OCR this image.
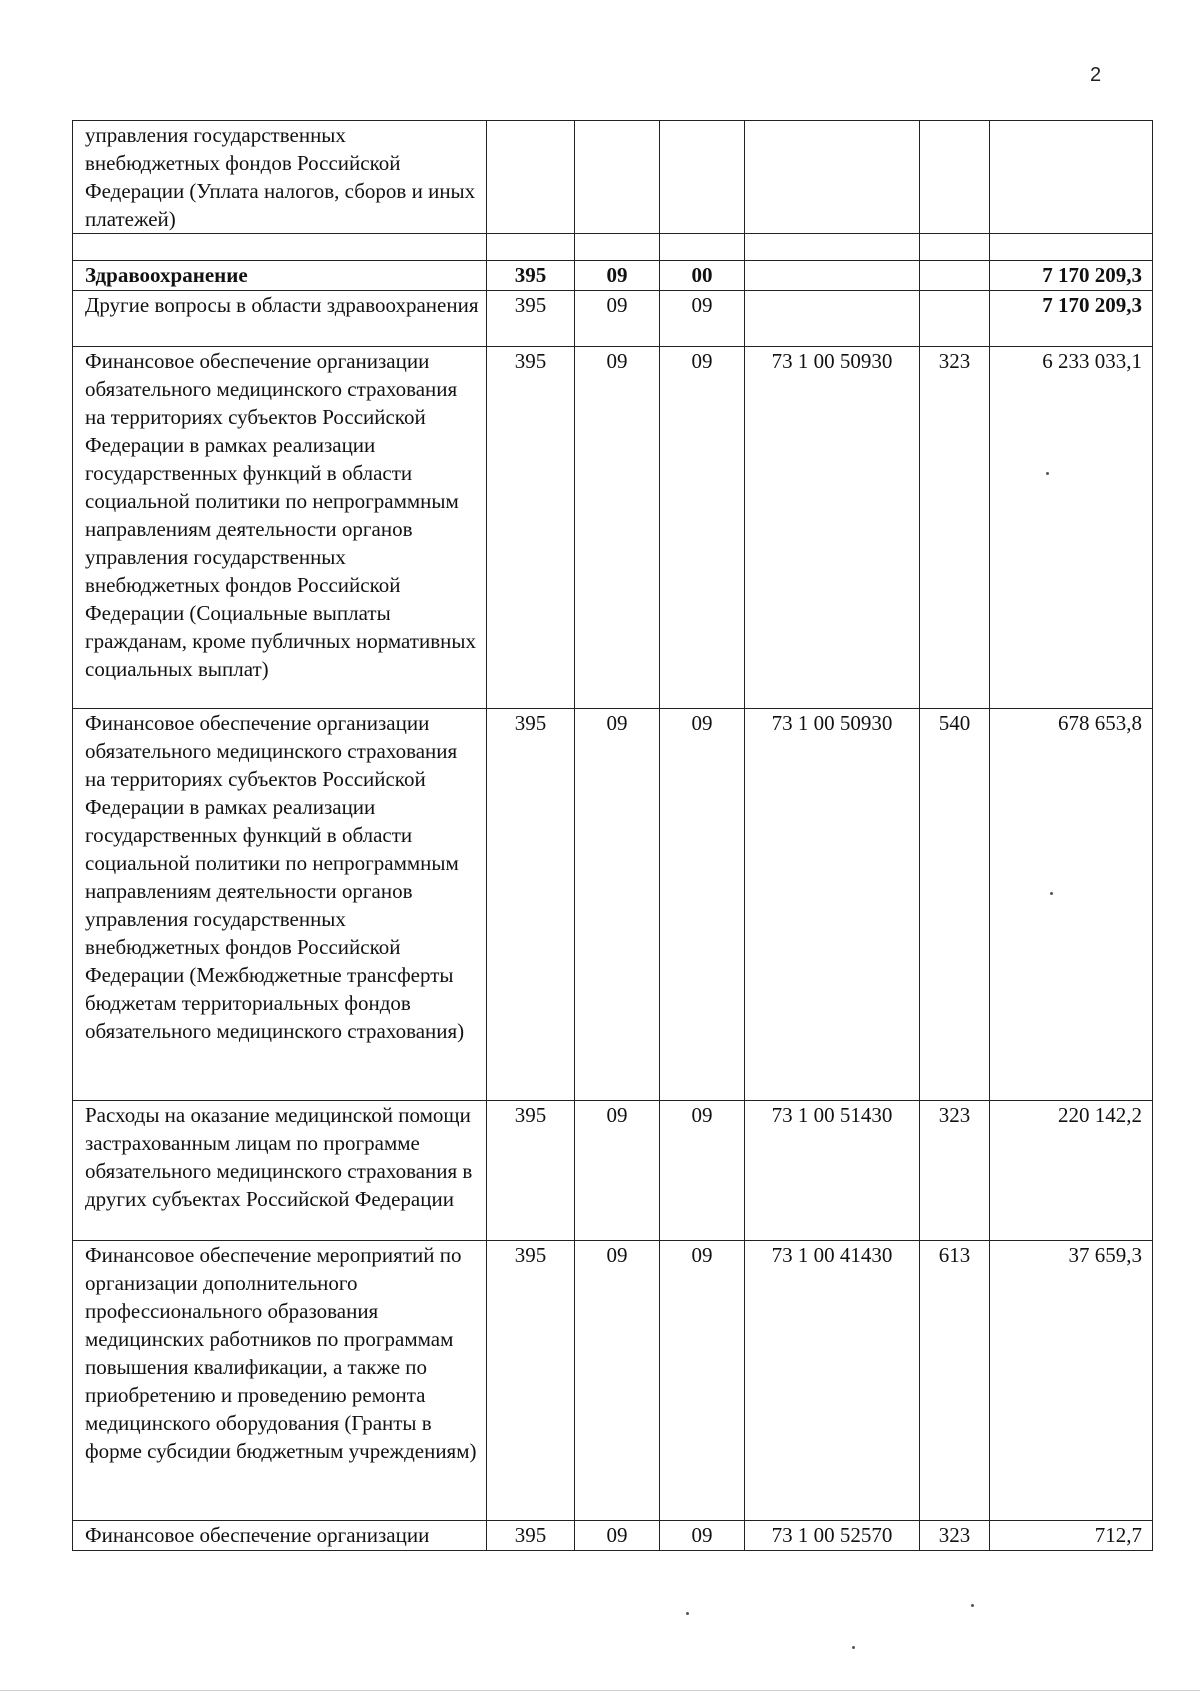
2
управления государственных внебюджетных фондов Российской Федерации (Уплата налогов, сборов и иных платежей)						

Здравоохранение	395	09	00			7 170 209,3
Другие вопросы в области здравоохранения	395	09	09			7 170 209,3
Финансовое обеспечение организации обязательного медицинского страхования на территориях субъектов Российской Федерации в рамках реализации государственных функций в области социальной политики по непрограммным направлениям деятельности органов управления государственных внебюджетных фондов Российской Федерации (Социальные выплаты гражданам, кроме публичных нормативных социальных выплат)	395	09	09	73 1 00 50930	323	6 233 033,1
Финансовое обеспечение организации обязательного медицинского страхования на территориях субъектов Российской Федерации в рамках реализации государственных функций в области социальной политики по непрограммным направлениям деятельности органов управления государственных внебюджетных фондов Российской Федерации (Межбюджетные трансферты бюджетам территориальных фондов обязательного медицинского страхования)	395	09	09	73 1 00 50930	540	678 653,8
Расходы на оказание медицинской помощи застрахованным лицам по программе обязательного медицинского страхования в других субъектах Российской Федерации	395	09	09	73 1 00 51430	323	220 142,2
Финансовое обеспечение мероприятий по организации дополнительного профессионального образования медицинских работников по программам повышения квалификации, а также по приобретению и проведению ремонта медицинского оборудования (Гранты в форме субсидии бюджетным учреждениям)	395	09	09	73 1 00 41430	613	37 659,3
Финансовое обеспечение организации	395	09	09	73 1 00 52570	323	712,7
